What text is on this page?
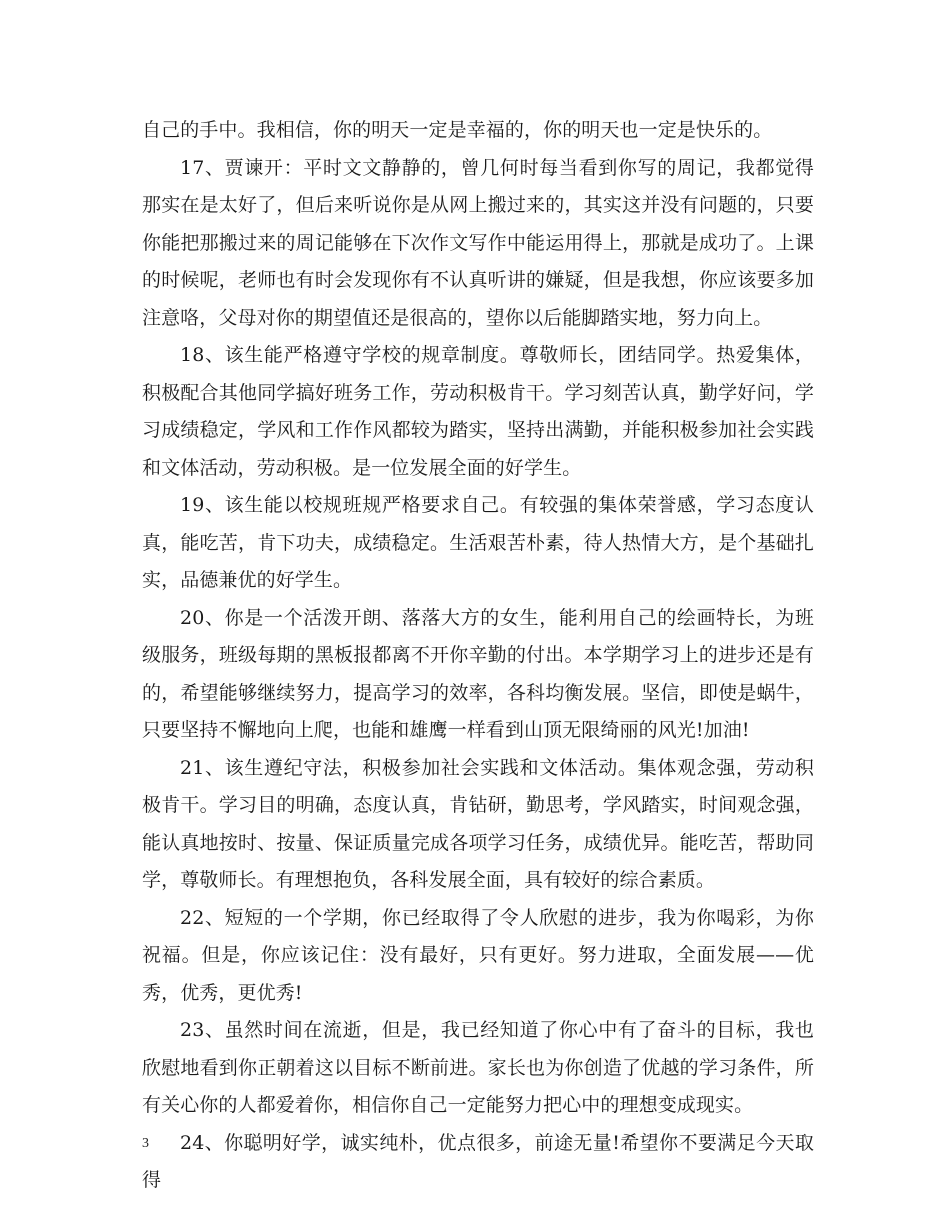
自己的手中。我相信，你的明天一定是幸福的，你的明天也一定是快乐的。

17、贾谏开：平时文文静静的，曾几何时每当看到你写的周记，我都觉得那实在是太好了，但后来听说你是从网上搬过来的，其实这并没有问题的，只要你能把那搬过来的周记能够在下次作文写作中能运用得上，那就是成功了。上课的时候呢，老师也有时会发现你有不认真听讲的嫌疑，但是我想，你应该要多加注意咯，父母对你的期望值还是很高的，望你以后能脚踏实地，努力向上。

18、该生能严格遵守学校的规章制度。尊敬师长，团结同学。热爱集体，积极配合其他同学搞好班务工作，劳动积极肯干。学习刻苦认真，勤学好问，学习成绩稳定，学风和工作作风都较为踏实，坚持出满勤，并能积极参加社会实践和文体活动，劳动积极。是一位发展全面的好学生。

19、该生能以校规班规严格要求自己。有较强的集体荣誉感，学习态度认真，能吃苦，肯下功夫，成绩稳定。生活艰苦朴素，待人热情大方，是个基础扎实，品德兼优的好学生。

20、你是一个活泼开朗、落落大方的女生，能利用自己的绘画特长，为班级服务，班级每期的黑板报都离不开你辛勤的付出。本学期学习上的进步还是有的，希望能够继续努力，提高学习的效率，各科均衡发展。坚信，即使是蜗牛，只要坚持不懈地向上爬，也能和雄鹰一样看到山顶无限绮丽的风光!加油!

21、该生遵纪守法，积极参加社会实践和文体活动。集体观念强，劳动积极肯干。学习目的明确，态度认真，肯钻研，勤思考，学风踏实，时间观念强，能认真地按时、按量、保证质量完成各项学习任务，成绩优异。能吃苦，帮助同学，尊敬师长。有理想抱负，各科发展全面，具有较好的综合素质。

22、短短的一个学期，你已经取得了令人欣慰的进步，我为你喝彩，为你祝福。但是，你应该记住：没有最好，只有更好。努力进取，全面发展——优秀，优秀，更优秀!

23、虽然时间在流逝，但是，我已经知道了你心中有了奋斗的目标，我也欣慰地看到你正朝着这以目标不断前进。家长也为你创造了优越的学习条件，所有关心你的人都爱着你，相信你自己一定能努力把心中的理想变成现实。

24、你聪明好学，诚实纯朴，优点很多，前途无量!希望你不要满足今天取得

3
